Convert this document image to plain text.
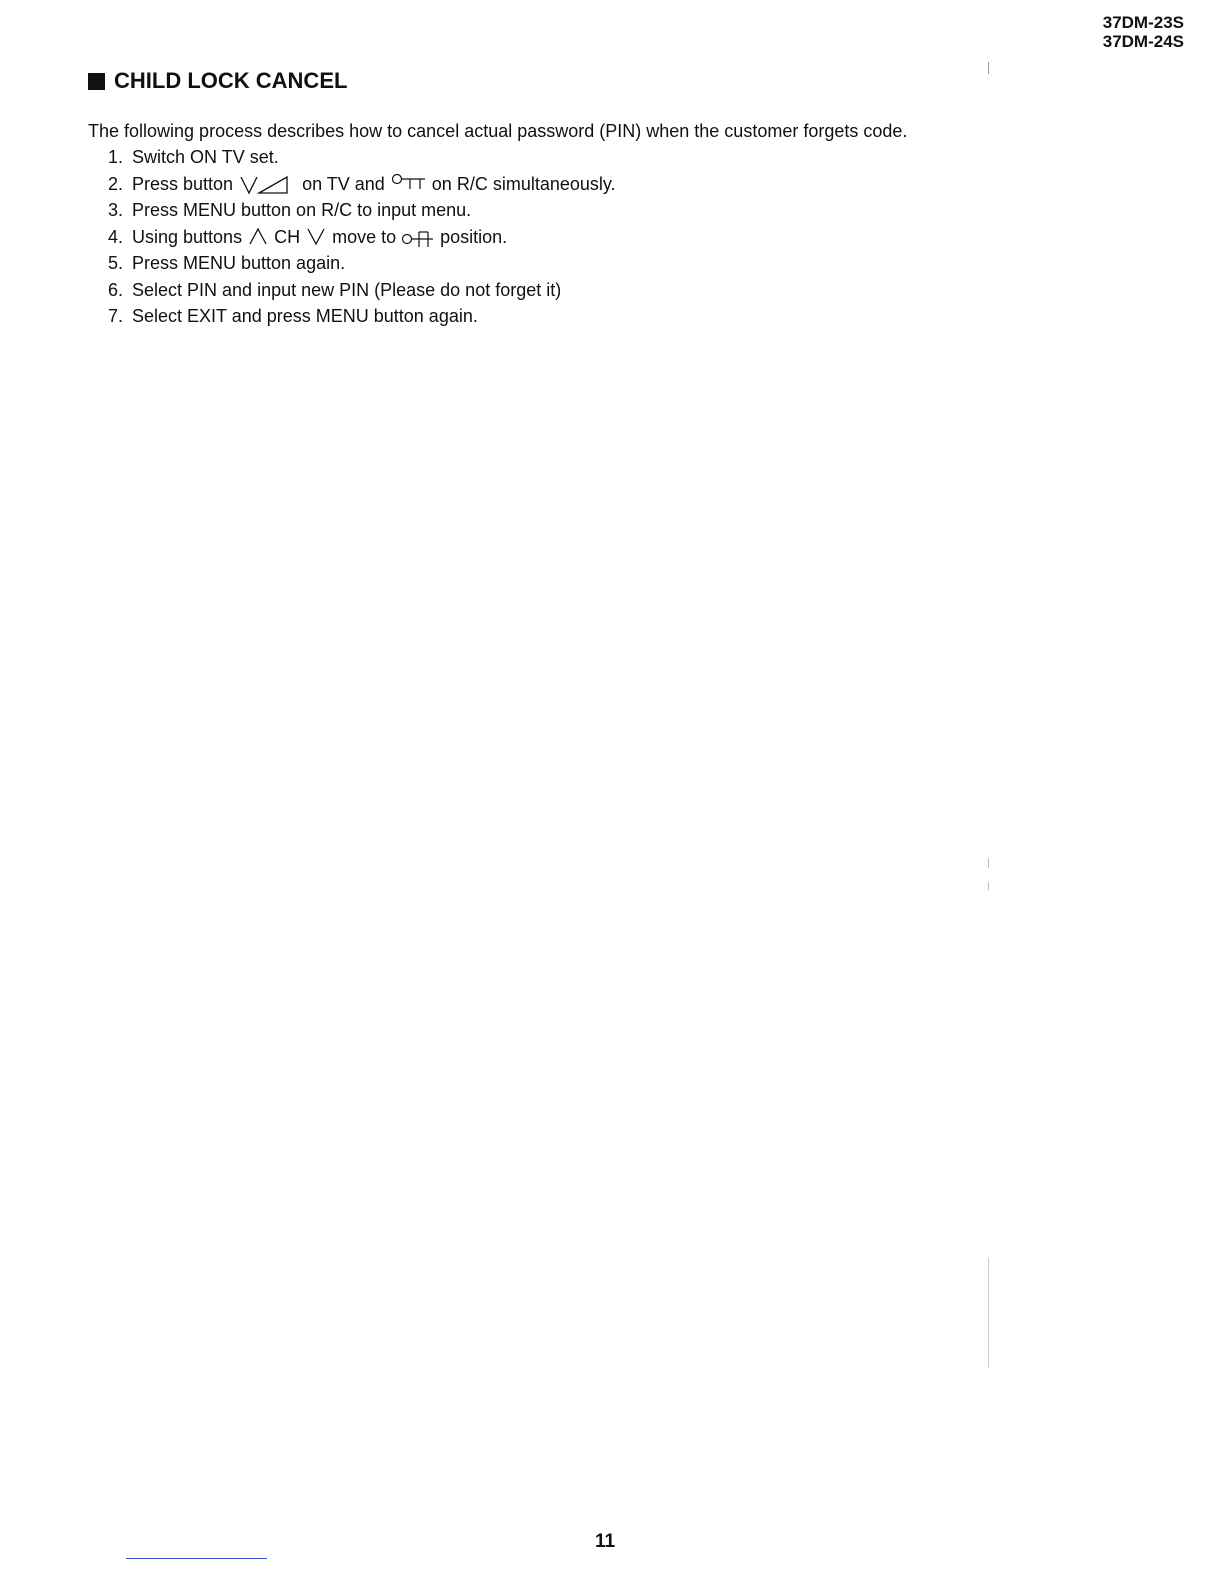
37DM-23S
37DM-24S
CHILD LOCK CANCEL

The following process describes how to cancel actual password (PIN) when the customer forgets code.

1. Switch ON TV set.
2. Press button	on TV and	on R/C simultaneously.
3. Press MENU button on R/C to input menu.
4. Using buttons CH move to position.
5. Press MENU button again.
6. Select PIN and input new PIN (Please do not forget it)
7. Select EXIT and press MENU button again.
11
